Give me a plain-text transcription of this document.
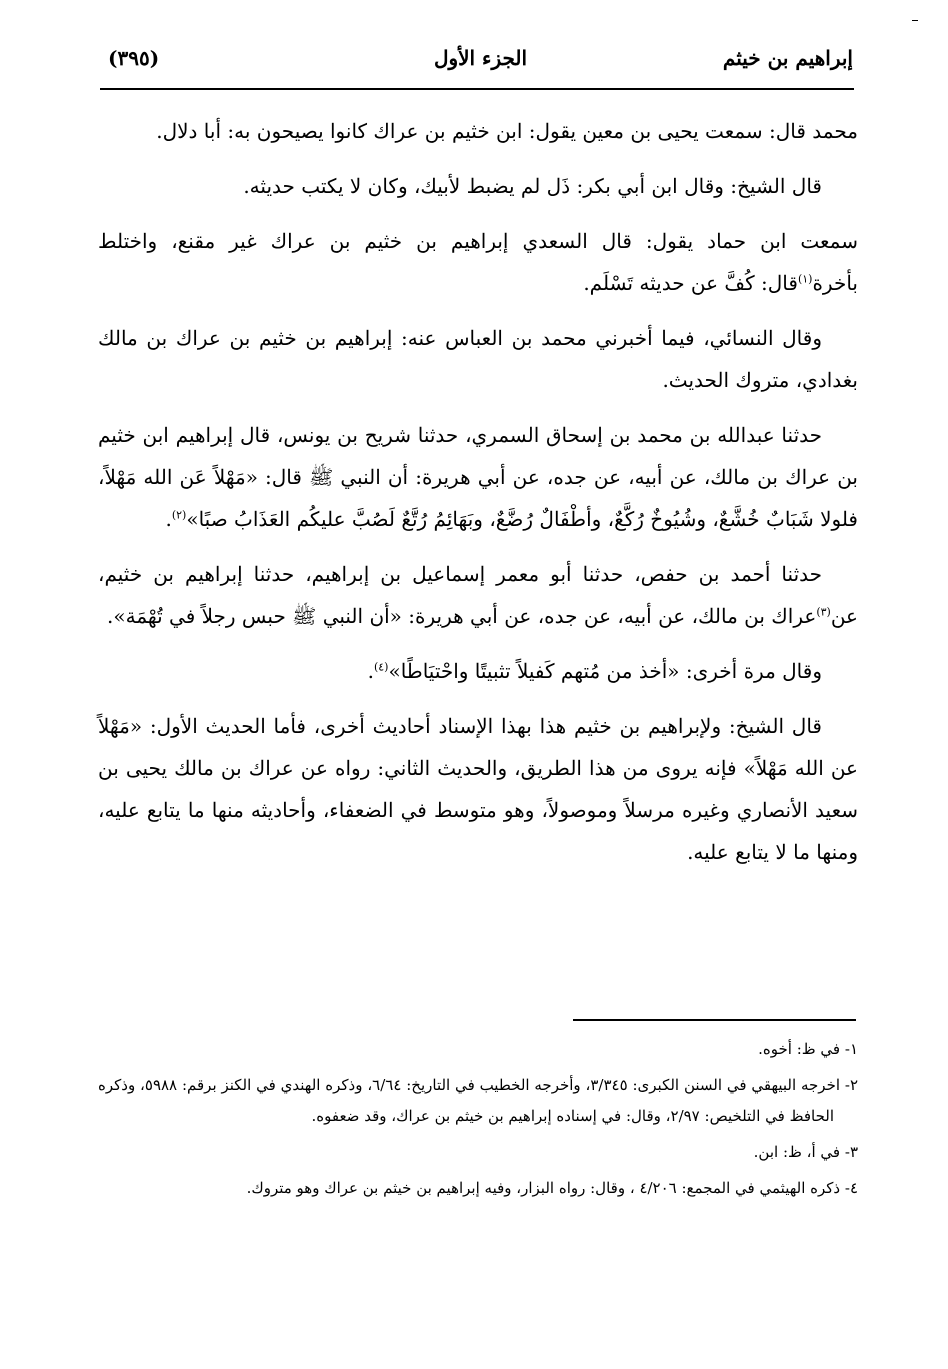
إبراهيم بن خيثم
الجزء الأول
(٣٩٥)

محمد قال: سمعت يحيى بن معين يقول: ابن خثيم بن عراك كانوا يصيحون به: أبا دلال.

قال الشيخ: وقال ابن أبي بكر: ذَل لم يضبط لأبيك، وكان لا يكتب حديثه.

سمعت ابن حماد يقول: قال السعدي إبراهيم بن خثيم بن عراك غير مقنع، واختلط بأخرة$^{(١)}$قال: كُفَّ عن حديثه تَسْلَم.

وقال النسائي، فيما أخبرني محمد بن العباس عنه: إبراهيم بن خثيم بن عراك بن مالك بغدادي، متروك الحديث.

حدثنا عبدالله بن محمد بن إسحاق السمري، حدثنا شريح بن يونس، قال إبراهيم ابن خثيم بن عراك بن مالك، عن أبيه، عن جده، عن أبي هريرة: أن النبي ﷺ قال: «مَهْلاً عَن الله مَهْلاً، فلولا شَبَابٌ خُشَّعٌ، وشُيُوخٌ رُكَّعٌ، وأطْفَالٌ رُضَّعٌ، وبَهَائِمُ رُتَّعٌ لَصُبَّ عليكُم العَذَابُ صبًا»$^{(٢)}$.

حدثنا أحمد بن حفص، حدثنا أبو معمر إسماعيل بن إبراهيم، حدثنا إبراهيم بن خثيم، عن$^{(٣)}$عراك بن مالك، عن أبيه، عن جده، عن أبي هريرة: «أن النبي ﷺ حبس رجلاً في تُهْمَة».

وقال مرة أخرى: «أخذ من مُتهم كَفيلاً تثبيتًا واحْتيَاطًا»$^{(٤)}$.

قال الشيخ: ولإبراهيم بن خثيم هذا بهذا الإسناد أحاديث أخرى، فأما الحديث الأول: «مَهْلاً عن الله مَهْلاً» فإنه يروى من هذا الطريق، والحديث الثاني: رواه عن عراك بن مالك يحيى بن سعيد الأنصاري وغيره مرسلاً وموصولاً، وهو متوسط في الضعفاء، وأحاديثه منها ما يتابع عليه، ومنها ما لا يتابع عليه.

١- في ظ: أخوه.
٢- اخرجه البيهقي في السنن الكبرى: ٣/٣٤٥، وأخرجه الخطيب في التاريخ: ٦/٦٤، وذكره الهندي في الكنز برقم: ٥٩٨٨، وذكره الحافظ في التلخيص: ٢/٩٧، وقال: في إسناده إبراهيم بن خيثم بن عراك، وقد ضعفوه.
٣- في أ، ظ: ابن.
٤- ذكره الهيثمي في المجمع: ٤/٢٠٦ ، وقال: رواه البزار، وفيه إبراهيم بن خيثم بن عراك وهو متروك.
